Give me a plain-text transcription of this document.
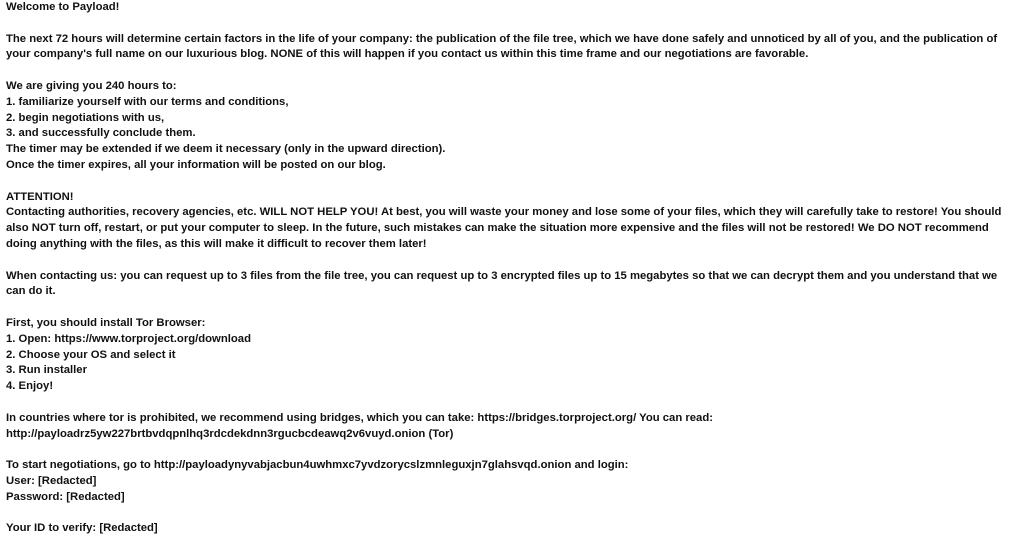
Welcome to Payload!
The next 72 hours will determine certain factors in the life of your company: the publication of the file tree, which we have done safely and unnoticed by all of you, and the publication of your company's full name on our luxurious blog. NONE of this will happen if you contact us within this time frame and our negotiations are favorable.
We are giving you 240 hours to:
1. familiarize yourself with our terms and conditions,
2. begin negotiations with us,
3. and successfully conclude them.
The timer may be extended if we deem it necessary (only in the upward direction).
Once the timer expires, all your information will be posted on our blog.
ATTENTION!
Contacting authorities, recovery agencies, etc. WILL NOT HELP YOU! At best, you will waste your money and lose some of your files, which they will carefully take to restore! You should also NOT turn off, restart, or put your computer to sleep. In the future, such mistakes can make the situation more expensive and the files will not be restored! We DO NOT recommend doing anything with the files, as this will make it difficult to recover them later!
When contacting us: you can request up to 3 files from the file tree, you can request up to 3 encrypted files up to 15 megabytes so that we can decrypt them and you understand that we can do it.
First, you should install Tor Browser:
1. Open: https://www.torproject.org/download
2. Choose your OS and select it
3. Run installer
4. Enjoy!
In countries where tor is prohibited, we recommend using bridges, which you can take: https://bridges.torproject.org/ You can read:
http://payloadrz5yw227brtbvdqpnlhq3rdcdekdnn3rgucbcdeawq2v6vuyd.onion (Tor)
To start negotiations, go to http://payloadynyvabjacbun4uwhmxc7yvdzorycslzmnleguxjn7glahsvqd.onion and login:
User: [Redacted]
Password: [Redacted]
Your ID to verify: [Redacted]
